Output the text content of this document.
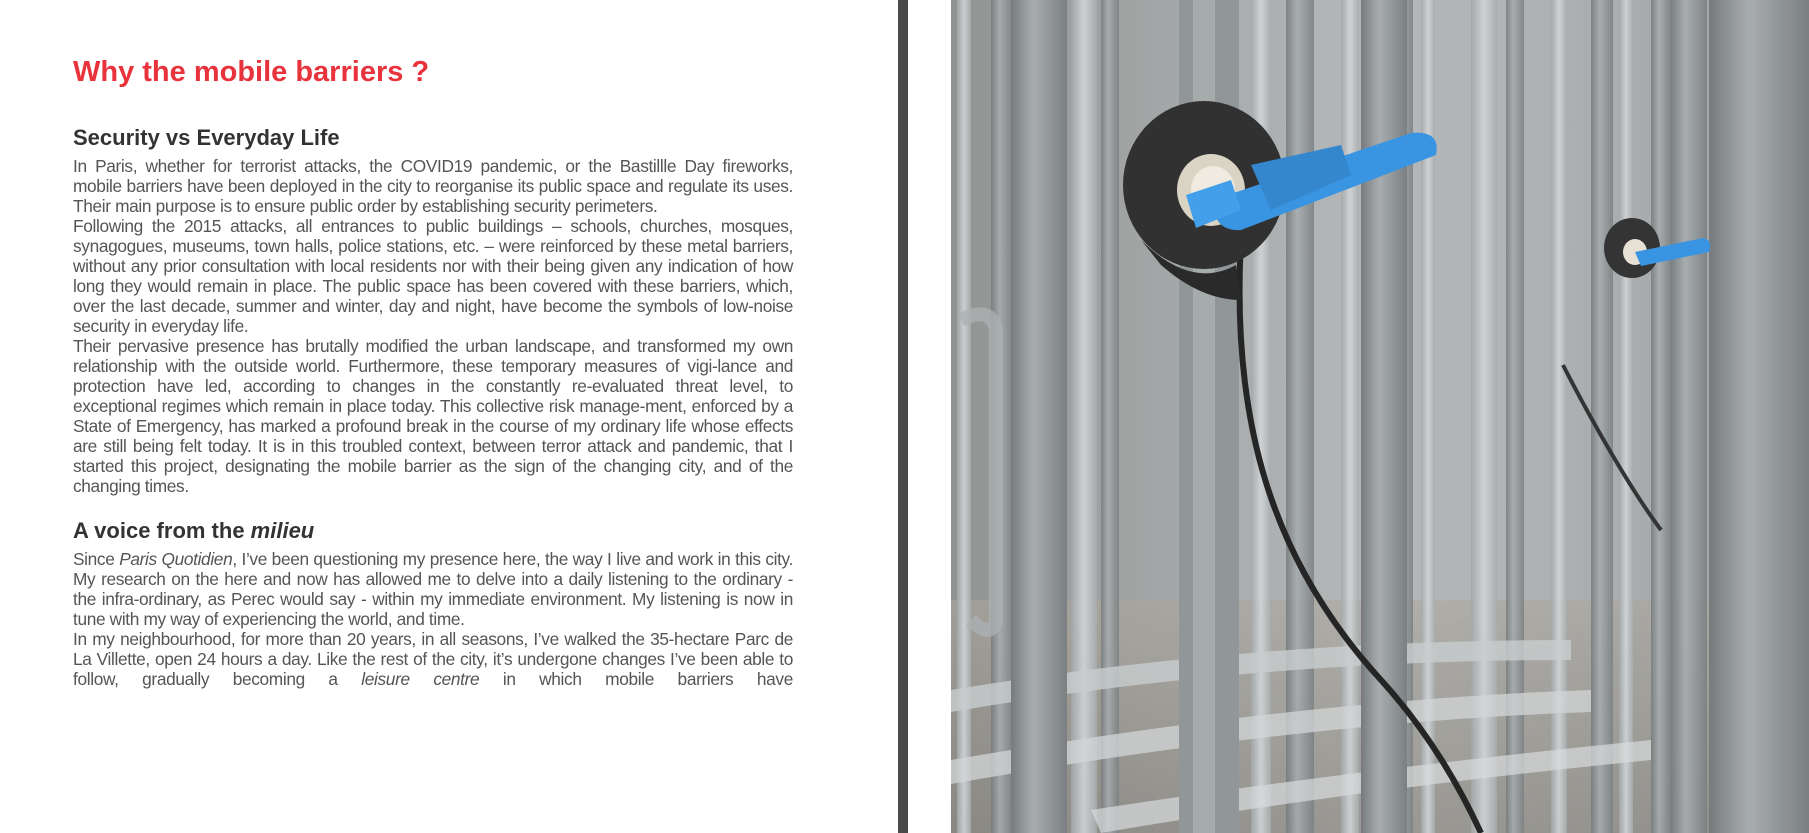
Why the mobile barriers ?
Security vs Everyday Life

In Paris, whether for terrorist attacks, the COVID19 pandemic, or the Bastillle Day fireworks, mobile barriers have been deployed in the city to reorganise its public space and regulate its uses. Their main purpose is to ensure public order by establishing security perimeters.

Following the 2015 attacks, all entrances to public buildings – schools, churches, mosques, synagogues, museums, town halls, police stations, etc. – were reinforced by these metal barriers, without any prior consultation with local residents nor with their being given any indication of how long they would remain in place. The public space has been covered with these barriers, which, over the last decade, summer and winter, day and night, have become the symbols of low-noise security in everyday life.

Their pervasive presence has brutally modified the urban landscape, and transformed my own relationship with the outside world. Furthermore, these temporary measures of vigi-lance and protection have led, according to changes in the constantly re-evaluated threat level, to exceptional regimes which remain in place today. This collective risk manage-ment, enforced by a State of Emergency, has marked a profound break in the course of my ordinary life whose effects are still being felt today. It is in this troubled context, between terror attack and pandemic, that I started this project, designating the mobile barrier as the sign of the changing city, and of the changing times.

A voice from the milieu

Since Paris Quotidien, I’ve been questioning my presence here, the way I live and work in this city. My research on the here and now has allowed me to delve into a daily listening to the ordinary - the infra-ordinary, as Perec would say - within my immediate environment. My listening is now in tune with my way of experiencing the world, and time.

In my neighbourhood, for more than 20 years, in all seasons, I’ve walked the 35-hectare Parc de La Villette, open 24 hours a day. Like the rest of the city, it’s undergone changes I’ve been able to follow, gradually becoming a leisure centre in which mobile barriers have
